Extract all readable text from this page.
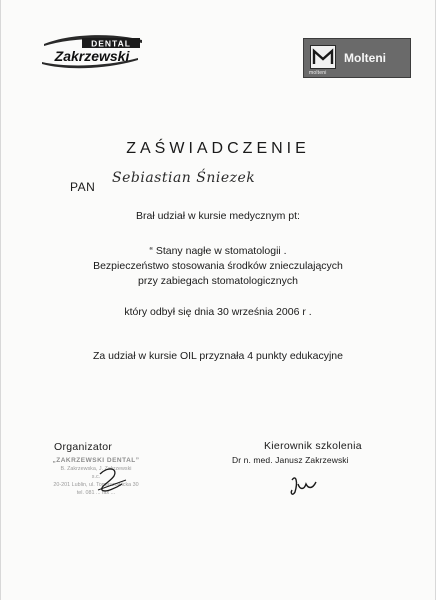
DENTAL
Zakrzewski
molteni
Molteni
ZAŚWIADCZENIE
PAN
Sebiastian Śniezek
Brał udział w kursie medycznym pt:
“ Stany nagłe w stomatologii .
Bezpieczeństwo stosowania środków znieczulających
przy zabiegach stomatologicznych
który odbył się dnia 30 września 2006 r .
Za udział w kursie OIL przyznała 4 punkty edukacyjne
Organizator
„ZAKRZEWSKI DENTAL”
B. Zakrzewska, J. Zakrzewski
s.c.
20-201 Lublin, ul. Tomaszowicka 30
tel. 081 ... fax ...
Kierownik szkolenia
Dr n. med. Janusz Zakrzewski
